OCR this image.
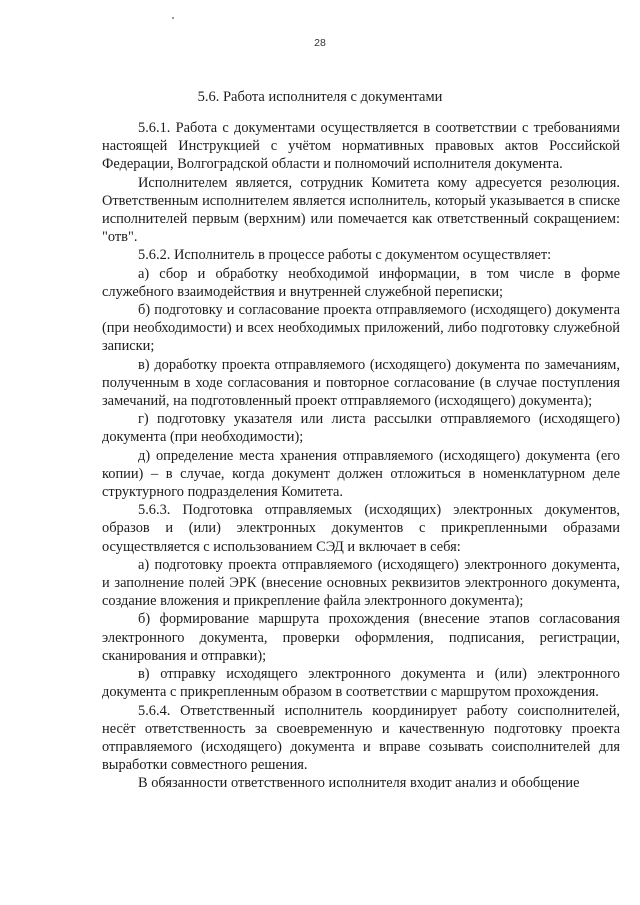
28
5.6. Работа исполнителя с документами

5.6.1. Работа с документами осуществляется в соответствии с требованиями настоящей Инструкцией с учётом нормативных правовых актов Российской Федерации, Волгоградской области и полномочий исполнителя документа.

Исполнителем является, сотрудник Комитета кому адресуется резолюция. Ответственным исполнителем является исполнитель, который указывается в списке исполнителей первым (верхним) или помечается как ответственный сокращением: "отв".

5.6.2. Исполнитель в процессе работы с документом осуществляет:

а) сбор и обработку необходимой информации, в том числе в форме служебного взаимодействия и внутренней служебной переписки;

б) подготовку и согласование проекта отправляемого (исходящего) документа (при необходимости) и всех необходимых приложений, либо подготовку служебной записки;

в) доработку проекта отправляемого (исходящего) документа по замечаниям, полученным в ходе согласования и повторное согласование (в случае поступления замечаний, на подготовленный проект отправляемого (исходящего) документа);

г) подготовку указателя или листа рассылки отправляемого (исходящего) документа (при необходимости);

д) определение места хранения отправляемого (исходящего) документа (его копии) – в случае, когда документ должен отложиться в номенклатурном деле структурного подразделения Комитета.

5.6.3. Подготовка отправляемых (исходящих) электронных документов, образов и (или) электронных документов с прикрепленными образами осуществляется с использованием СЭД и включает в себя:

а) подготовку проекта отправляемого (исходящего) электронного документа, и заполнение полей ЭРК (внесение основных реквизитов электронного документа, создание вложения и прикрепление файла электронного документа);

б) формирование маршрута прохождения (внесение этапов согласования электронного документа, проверки оформления, подписания, регистрации, сканирования и отправки);

в) отправку исходящего электронного документа и (или) электронного документа с прикрепленным образом в соответствии с маршрутом прохождения.

5.6.4. Ответственный исполнитель координирует работу соисполнителей, несёт ответственность за своевременную и качественную подготовку проекта отправляемого (исходящего) документа и вправе созывать соисполнителей для выработки совместного решения.

В обязанности ответственного исполнителя входит анализ и обобщение
